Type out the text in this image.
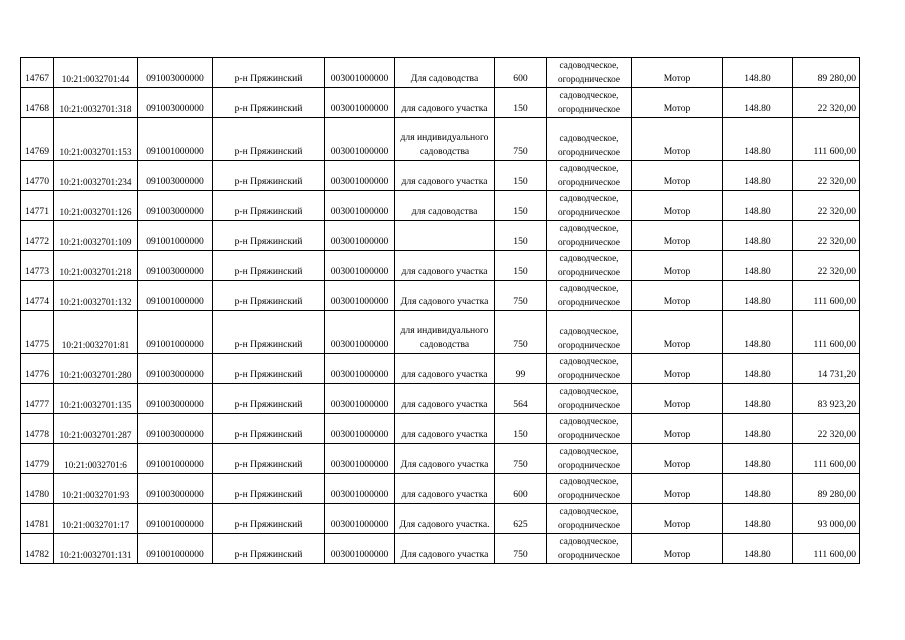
14767	10:21:0032701:44	091003000000	р-н Пряжинский	003001000000	Для садоводства	600	садоводческое, огородническое	Мотор	148.80	89 280,00
14768	10:21:0032701:318	091003000000	р-н Пряжинский	003001000000	для садового участка	150	садоводческое, огородническое	Мотор	148.80	22 320,00
14769	10:21:0032701:153	091001000000	р-н Пряжинский	003001000000	для индивидуального садоводства	750	садоводческое, огородническое	Мотор	148.80	111 600,00
14770	10:21:0032701:234	091003000000	р-н Пряжинский	003001000000	для садового участка	150	садоводческое, огородническое	Мотор	148.80	22 320,00
14771	10:21:0032701:126	091003000000	р-н Пряжинский	003001000000	для садоводства	150	садоводческое, огородническое	Мотор	148.80	22 320,00
14772	10:21:0032701:109	091001000000	р-н Пряжинский	003001000000		150	садоводческое, огородническое	Мотор	148.80	22 320,00
14773	10:21:0032701:218	091003000000	р-н Пряжинский	003001000000	для садового участка	150	садоводческое, огородническое	Мотор	148.80	22 320,00
14774	10:21:0032701:132	091001000000	р-н Пряжинский	003001000000	Для садового участка	750	садоводческое, огородническое	Мотор	148.80	111 600,00
14775	10:21:0032701:81	091001000000	р-н Пряжинский	003001000000	для индивидуального садоводства	750	садоводческое, огородническое	Мотор	148.80	111 600,00
14776	10:21:0032701:280	091003000000	р-н Пряжинский	003001000000	для садового участка	99	садоводческое, огородническое	Мотор	148.80	14 731,20
14777	10:21:0032701:135	091003000000	р-н Пряжинский	003001000000	для садового участка	564	садоводческое, огородническое	Мотор	148.80	83 923,20
14778	10:21:0032701:287	091003000000	р-н Пряжинский	003001000000	для садового участка	150	садоводческое, огородническое	Мотор	148.80	22 320,00
14779	10:21:0032701:6	091001000000	р-н Пряжинский	003001000000	Для садового участка	750	садоводческое, огородническое	Мотор	148.80	111 600,00
14780	10:21:0032701:93	091003000000	р-н Пряжинский	003001000000	для садового участка	600	садоводческое, огородническое	Мотор	148.80	89 280,00
14781	10:21:0032701:17	091001000000	р-н Пряжинский	003001000000	Для садового участка.	625	садоводческое, огородническое	Мотор	148.80	93 000,00
14782	10:21:0032701:131	091001000000	р-н Пряжинский	003001000000	Для садового участка	750	садоводческое, огородническое	Мотор	148.80	111 600,00
